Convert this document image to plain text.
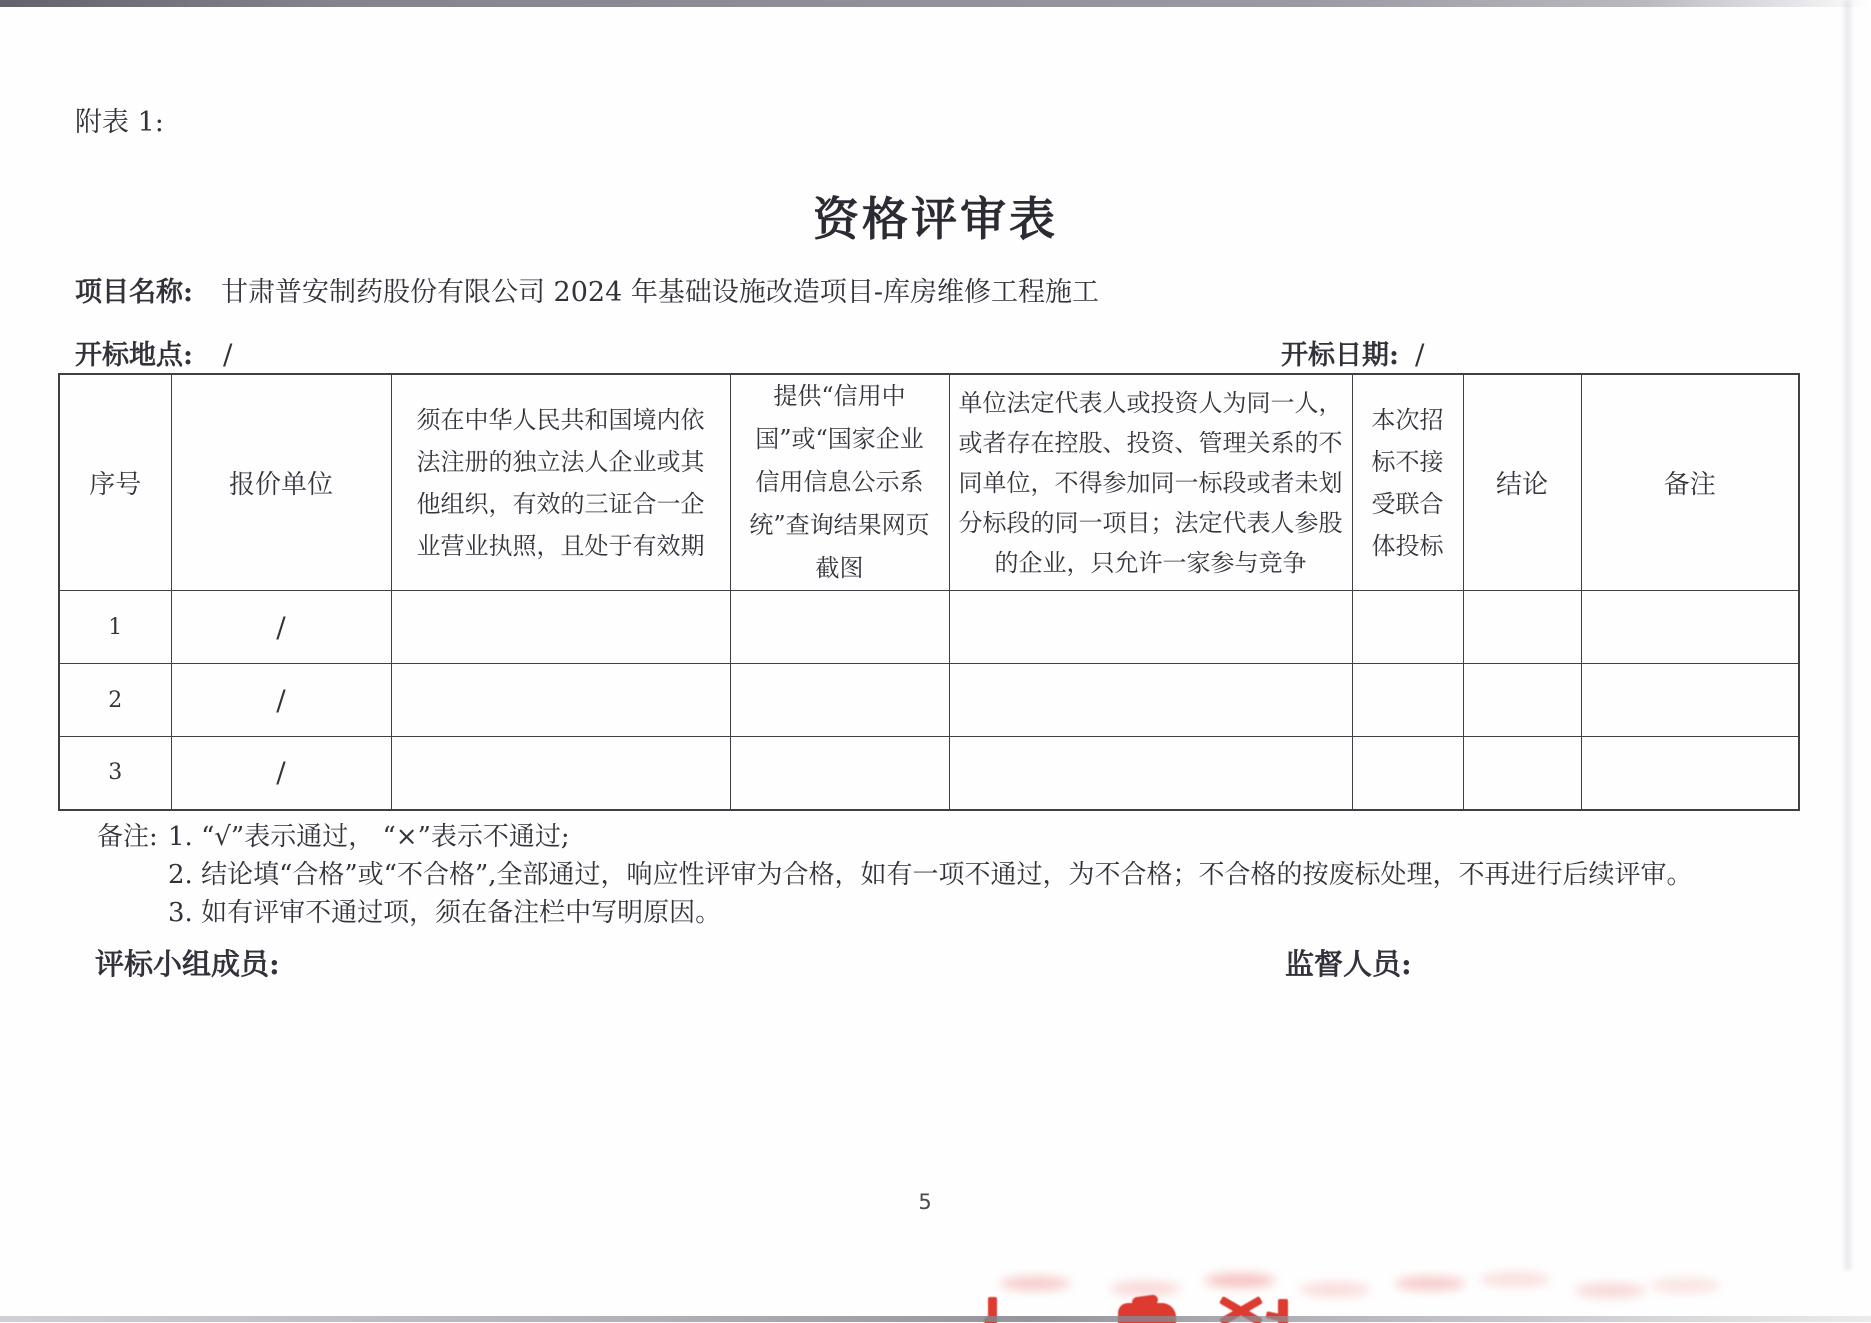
附表 1:
资格评审表
项目名称: 甘肃普安制药股份有限公司 2024 年基础设施改造项目-库房维修工程施工
开标地点: /	开标日期: /
序号	报价单位	须在中华人民共和国境内依法注册的独立法人企业或其他组织，有效的三证合一企业营业执照，且处于有效期	提供“信用中国”或“国家企业信用信息公示系统”查询结果网页截图	单位法定代表人或投资人为同一人，或者存在控股、投资、管理关系的不同单位，不得参加同一标段或者未划分标段的同一项目；法定代表人参股的企业，只允许一家参与竞争	本次招标不接受联合体投标	结论	备注
1	/						
2	/						
3	/						
备注: 1. “√”表示通过， “×”表示不通过;
2. 结论填“合格”或“不合格”,全部通过，响应性评审为合格，如有一项不通过，为不合格；不合格的按废标处理，不再进行后续评审。
3. 如有评审不通过项，须在备注栏中写明原因。
评标小组成员:	监督人员:
5
